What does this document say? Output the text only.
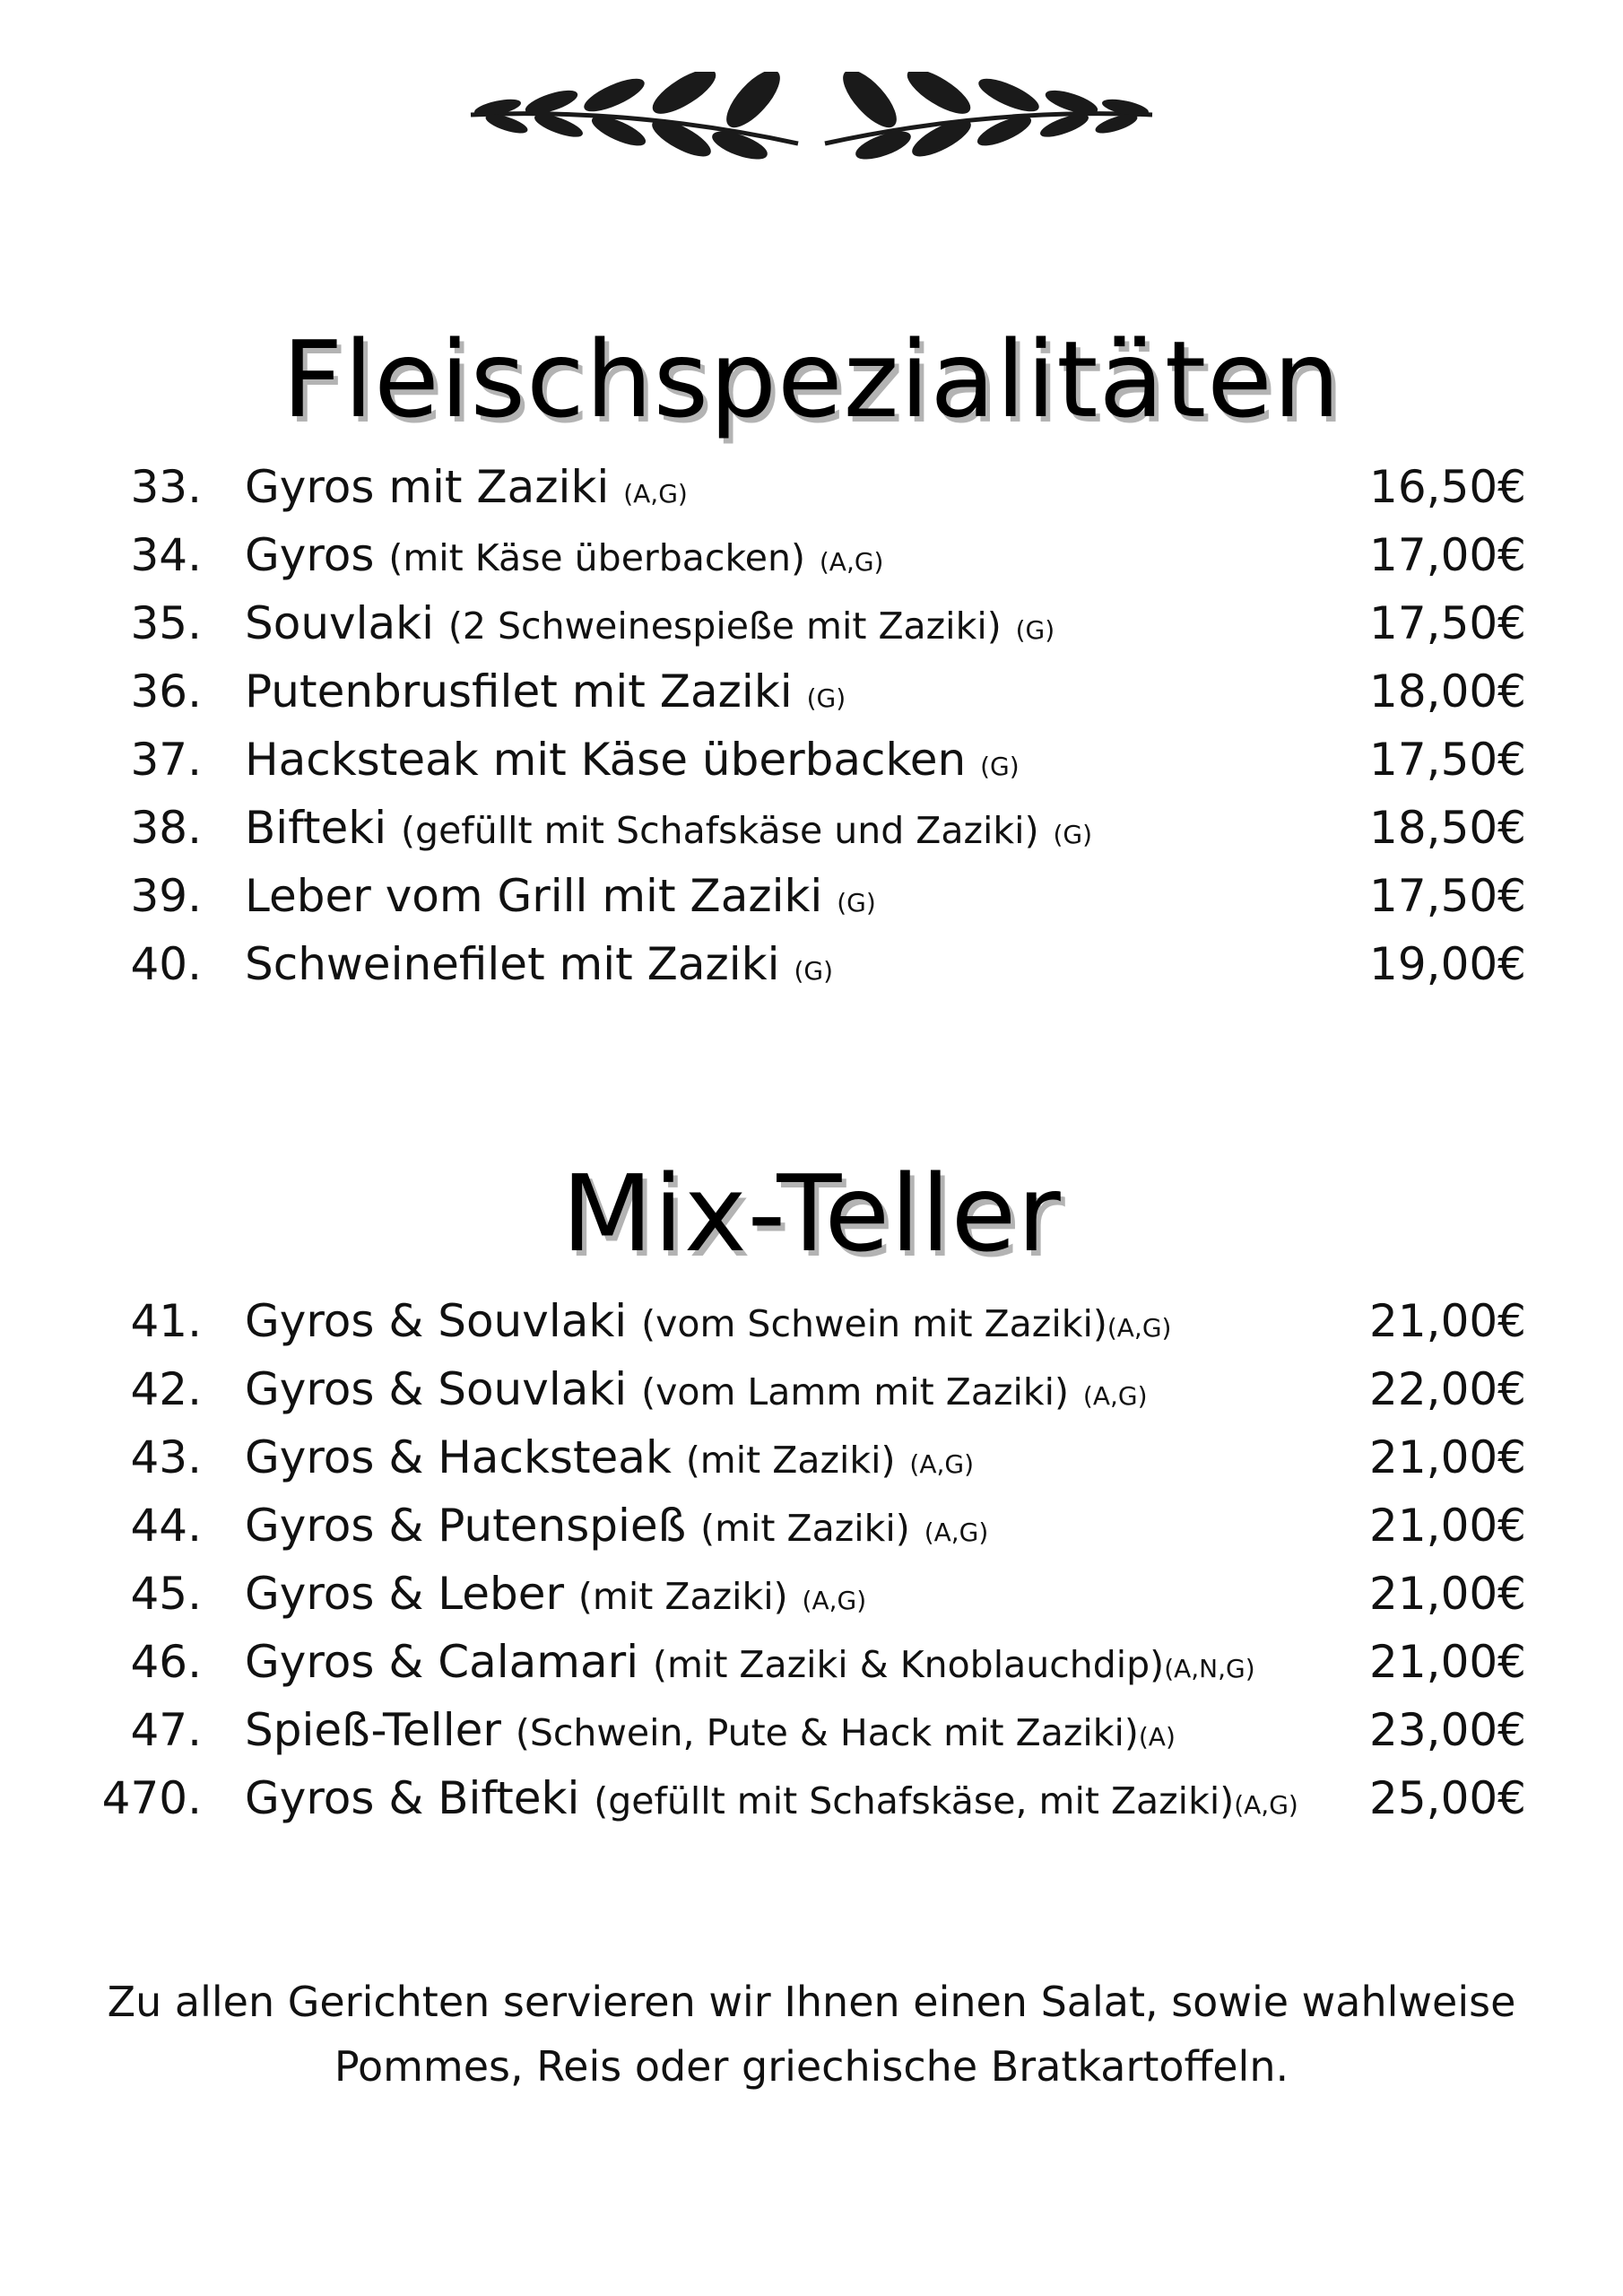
Fleischspezialitäten
33. Gyros mit Zaziki (A,G)	16,50€
34. Gyros (mit Käse überbacken) (A,G)	17,00€
35. Souvlaki (2 Schweinespieße mit Zaziki) (G)	17,50€
36. Putenbrusfilet mit Zaziki (G)	18,00€
37. Hacksteak mit Käse überbacken (G)	17,50€
38. Bifteki (gefüllt mit Schafskäse und Zaziki) (G)	18,50€
39. Leber vom Grill mit Zaziki (G)	17,50€
40. Schweinefilet mit Zaziki (G)	19,00€
Mix-Teller
41. Gyros & Souvlaki (vom Schwein mit Zaziki)(A,G)	21,00€
42. Gyros & Souvlaki (vom Lamm mit Zaziki) (A,G)	22,00€
43. Gyros & Hacksteak (mit Zaziki) (A,G)	21,00€
44. Gyros & Putenspieß (mit Zaziki) (A,G)	21,00€
45. Gyros & Leber (mit Zaziki) (A,G)	21,00€
46. Gyros & Calamari (mit Zaziki & Knoblauchdip)(A,N,G)	21,00€
47. Spieß-Teller (Schwein, Pute & Hack mit Zaziki)(A)	23,00€
470. Gyros & Bifteki (gefüllt mit Schafskäse, mit Zaziki)(A,G) 25,00€

Zu allen Gerichten servieren wir Ihnen einen Salat, sowie wahlweise
Pommes, Reis oder griechische Bratkartoffeln.
